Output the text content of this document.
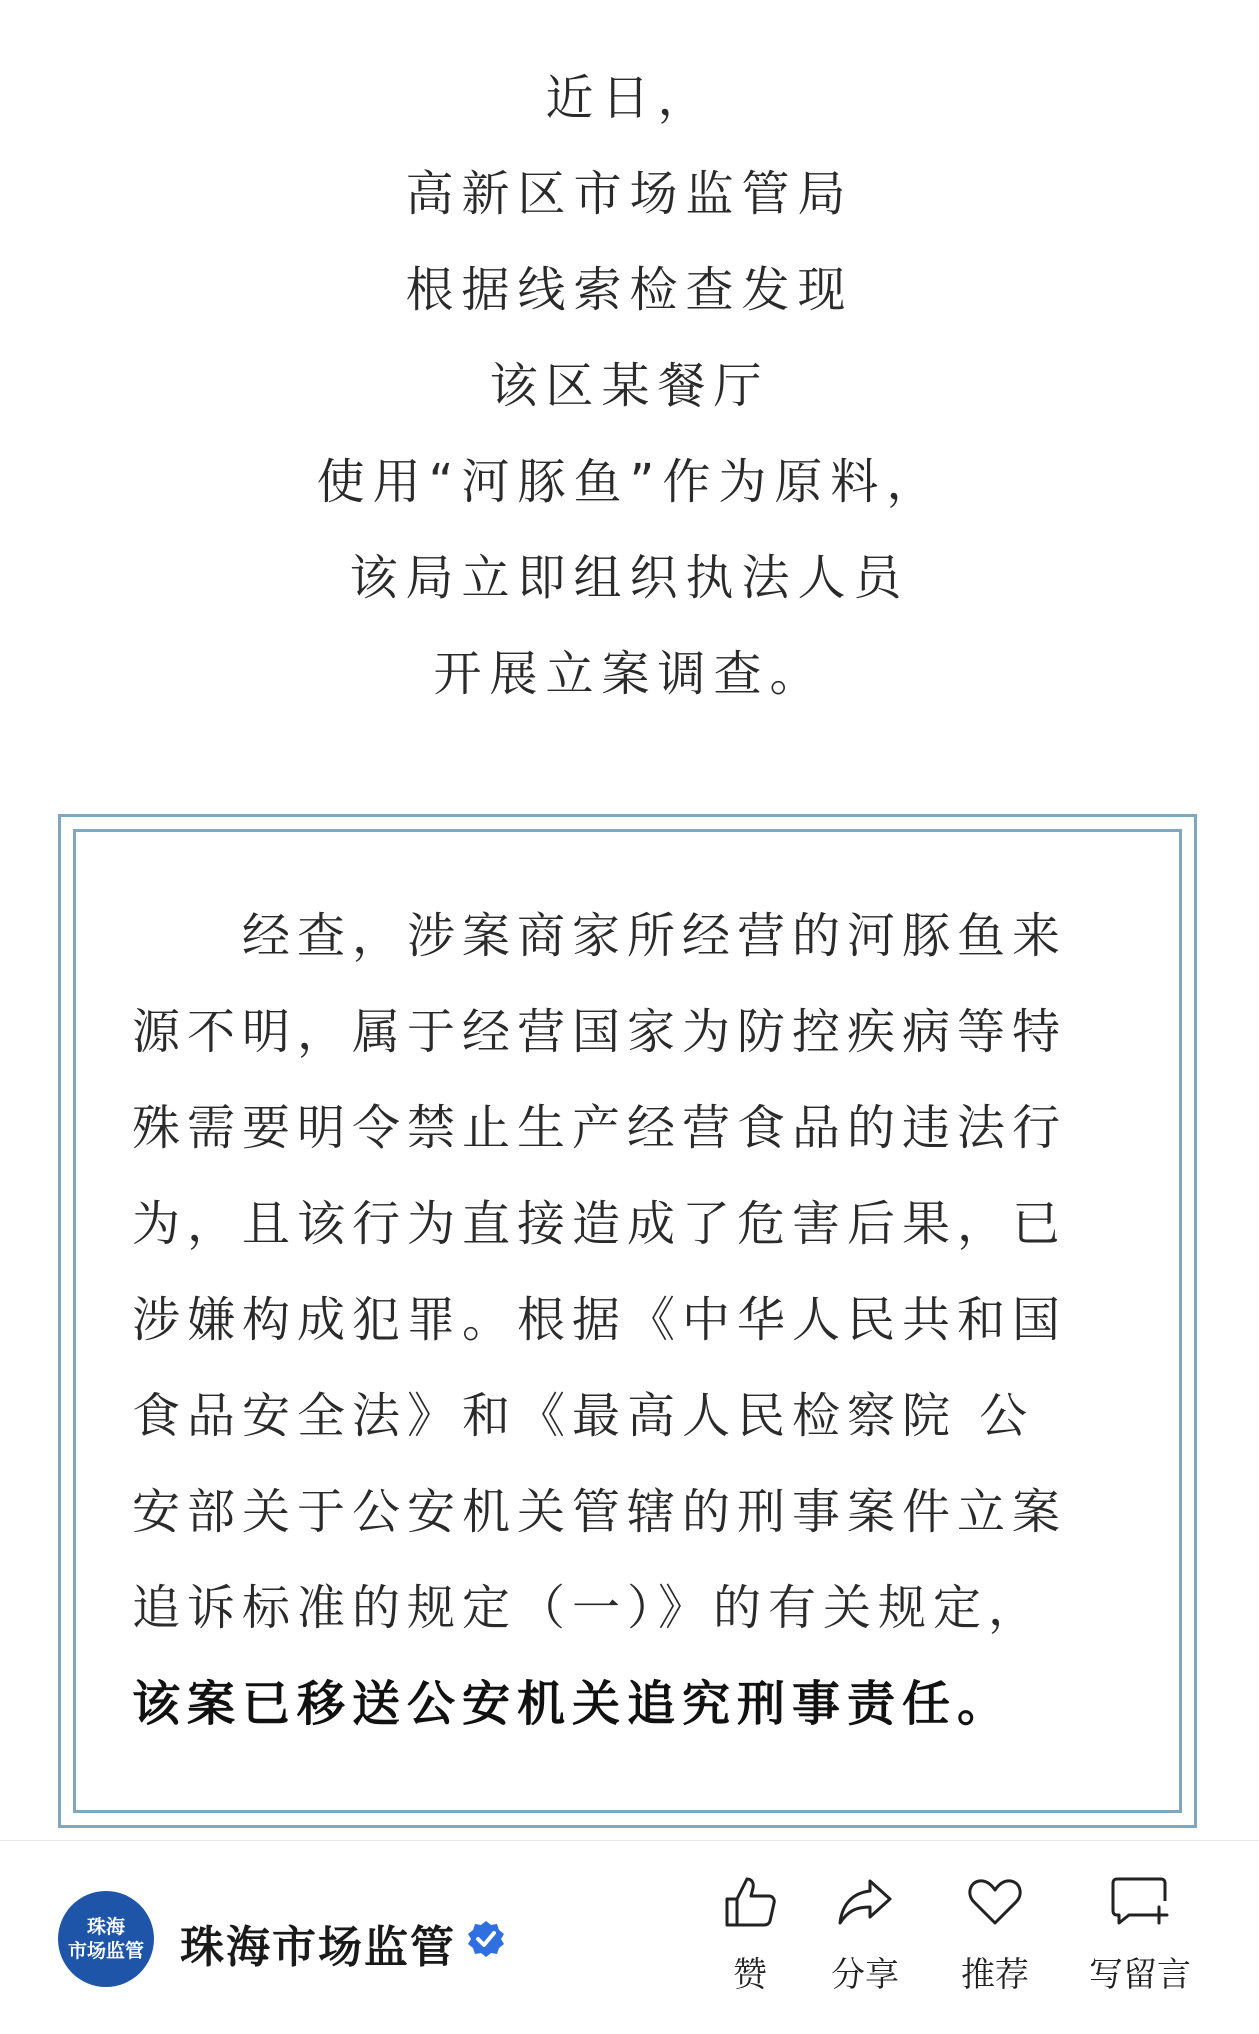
近日，
高新区市场监管局
根据线索检查发现
该区某餐厅
使用“河豚鱼”作为原料，
该局立即组织执法人员
开展立案调查。
经查，涉案商家所经营的河豚鱼来
源不明，属于经营国家为防控疾病等特
殊需要明令禁止生产经营食品的违法行
为，且该行为直接造成了危害后果，已
涉嫌构成犯罪。根据《中华人民共和国
食品安全法》和《最高人民检察院 公
安部关于公安机关管辖的刑事案件立案
追诉标准的规定（一）》的有关规定，
该案已移送公安机关追究刑事责任。
珠海
市场监管 珠海市场监管
赞	分享	推荐	写留言
